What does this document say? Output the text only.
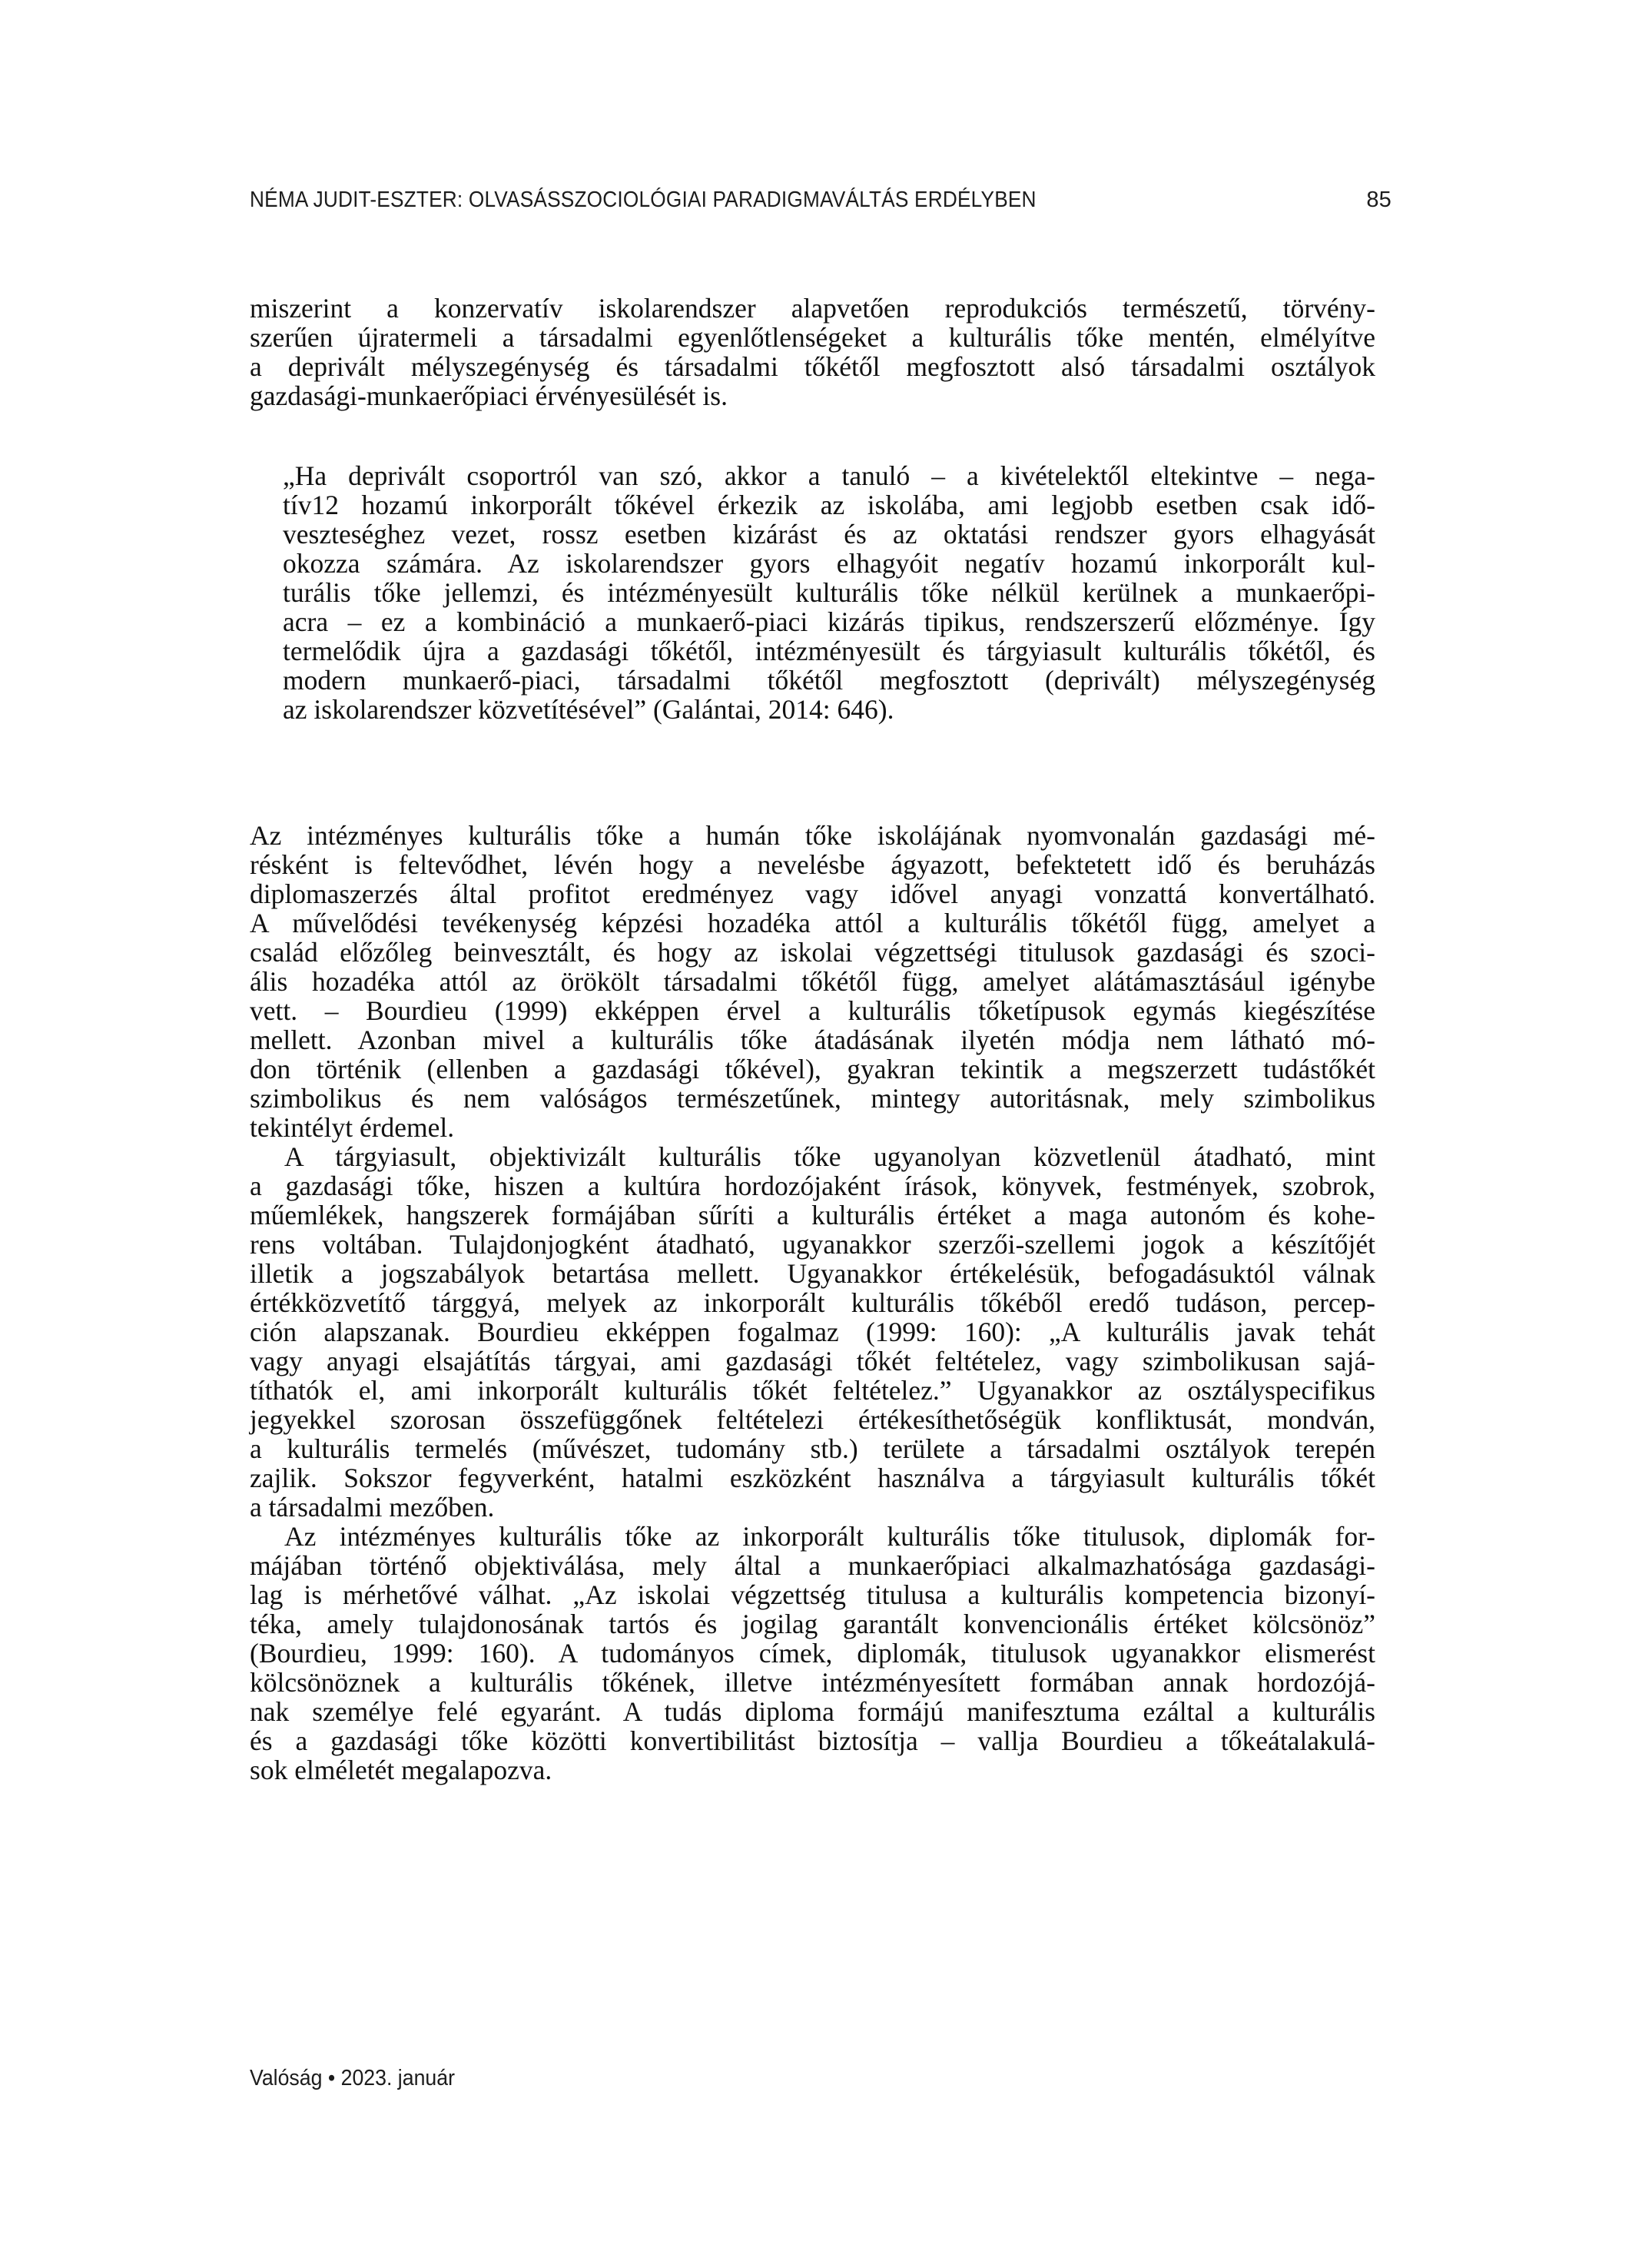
NÉMA JUDIT-ESZTER: OLVASÁSSZOCIOLÓGIAI PARADIGMAVÁLTÁS ERDÉLYBEN	85
miszerint a konzervatív iskolarendszer alapvetően reprodukciós természetű, törvény-
szerűen újratermeli a társadalmi egyenlőtlenségeket a kulturális tőke mentén, elmélyítve
a deprivált mélyszegénység és társadalmi tőkétől megfosztott alsó társadalmi osztályok
gazdasági-munkaerőpiaci érvényesülését is.
„Ha deprivált csoportról van szó, akkor a tanuló – a kivételektől eltekintve – nega-
tív12 hozamú inkorporált tőkével érkezik az iskolába, ami legjobb esetben csak idő-
veszteséghez vezet, rossz esetben kizárást és az oktatási rendszer gyors elhagyását
okozza számára. Az iskolarendszer gyors elhagyóit negatív hozamú inkorporált kul-
turális tőke jellemzi, és intézményesült kulturális tőke nélkül kerülnek a munkaerőpi-
acra – ez a kombináció a munkaerő-piaci kizárás tipikus, rendszerszerű előzménye. Így
termelődik újra a gazdasági tőkétől, intézményesült és tárgyiasult kulturális tőkétől, és
modern munkaerő-piaci, társadalmi tőkétől megfosztott (deprivált) mélyszegénység
az iskolarendszer közvetítésével” (Galántai, 2014: 646).
Az intézményes kulturális tőke a humán tőke iskolájának nyomvonalán gazdasági mé-
résként is feltevődhet, lévén hogy a nevelésbe ágyazott, befektetett idő és beruházás
diplomaszerzés által profitot eredményez vagy idővel anyagi vonzattá konvertálható.
A művelődési tevékenység képzési hozadéka attól a kulturális tőkétől függ, amelyet a
család előzőleg beinvesztált, és hogy az iskolai végzettségi titulusok gazdasági és szoci-
ális hozadéka attól az örökölt társadalmi tőkétől függ, amelyet alátámasztásául igénybe
vett. – Bourdieu (1999) ekképpen érvel a kulturális tőketípusok egymás kiegészítése
mellett. Azonban mivel a kulturális tőke átadásának ilyetén módja nem látható mó-
don történik (ellenben a gazdasági tőkével), gyakran tekintik a megszerzett tudástőkét
szimbolikus és nem valóságos természetűnek, mintegy autoritásnak, mely szimbolikus
tekintélyt érdemel.
A tárgyiasult, objektivizált kulturális tőke ugyanolyan közvetlenül átadható, mint
a gazdasági tőke, hiszen a kultúra hordozójaként írások, könyvek, festmények, szobrok,
műemlékek, hangszerek formájában sűríti a kulturális értéket a maga autonóm és kohe-
rens voltában. Tulajdonjogként átadható, ugyanakkor szerzői-szellemi jogok a készítőjét
illetik a jogszabályok betartása mellett. Ugyanakkor értékelésük, befogadásuktól válnak
értékközvetítő tárggyá, melyek az inkorporált kulturális tőkéből eredő tudáson, percep-
ción alapszanak. Bourdieu ekképpen fogalmaz (1999: 160): „A kulturális javak tehát
vagy anyagi elsajátítás tárgyai, ami gazdasági tőkét feltételez, vagy szimbolikusan sajá-
títhatók el, ami inkorporált kulturális tőkét feltételez.” Ugyanakkor az osztályspecifikus
jegyekkel szorosan összefüggőnek feltételezi értékesíthetőségük konfliktusát, mondván,
a kulturális termelés (művészet, tudomány stb.) területe a társadalmi osztályok terepén
zajlik. Sokszor fegyverként, hatalmi eszközként használva a tárgyiasult kulturális tőkét
a társadalmi mezőben.
Az intézményes kulturális tőke az inkorporált kulturális tőke titulusok, diplomák for-
májában történő objektiválása, mely által a munkaerőpiaci alkalmazhatósága gazdasági-
lag is mérhetővé válhat. „Az iskolai végzettség titulusa a kulturális kompetencia bizonyí-
téka, amely tulajdonosának tartós és jogilag garantált konvencionális értéket kölcsönöz”
(Bourdieu, 1999: 160). A tudományos címek, diplomák, titulusok ugyanakkor elismerést
kölcsönöznek a kulturális tőkének, illetve intézményesített formában annak hordozójá-
nak személye felé egyaránt. A tudás diploma formájú manifesztuma ezáltal a kulturális
és a gazdasági tőke közötti konvertibilitást biztosítja – vallja Bourdieu a tőkeátalakulá-
sok elméletét megalapozva.
Valóság • 2023. január
